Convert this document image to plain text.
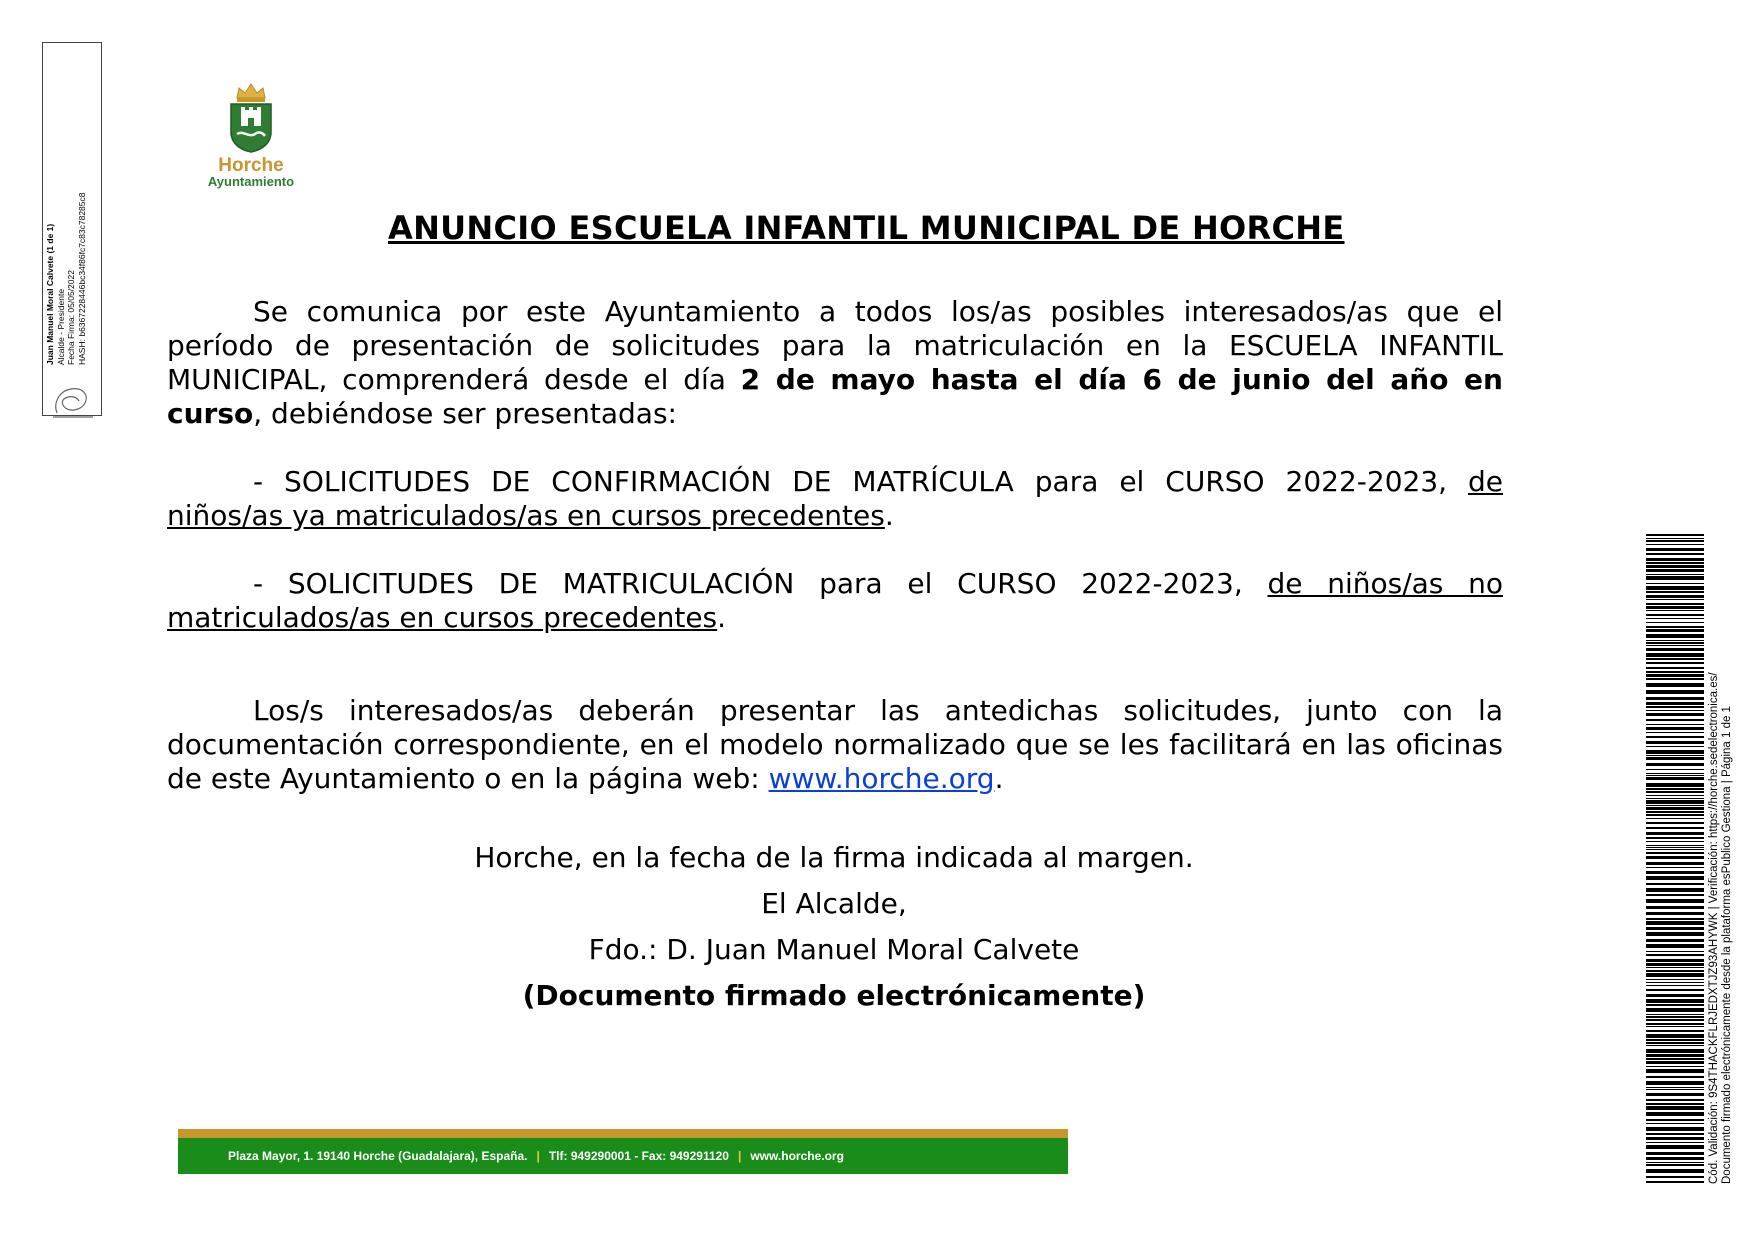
Juan Manuel Moral Calvete (1 de 1) Alcalde - Presidente Fecha Firma: 05/05/2022 HASH: b6367228446bc34f86fc7c83c78285c8
Horche
Ayuntamiento
ANUNCIO ESCUELA INFANTIL MUNICIPAL DE HORCHE
Se comunica por este Ayuntamiento a todos los/as posibles interesados/as que el período de presentación de solicitudes para la matriculación en la ESCUELA INFANTIL MUNICIPAL, comprenderá desde el día 2 de mayo hasta el día 6 de junio del año en curso, debiéndose ser presentadas:
- SOLICITUDES DE CONFIRMACIÓN DE MATRÍCULA para el CURSO 2022-2023, de niños/as ya matriculados/as en cursos precedentes.
- SOLICITUDES DE MATRICULACIÓN para el CURSO 2022-2023, de niños/as no matriculados/as en cursos precedentes.
Los/s interesados/as deberán presentar las antedichas solicitudes, junto con la documentación correspondiente, en el modelo normalizado que se les facilitará en las oficinas de este Ayuntamiento o en la página web: www.horche.org.
Horche, en la fecha de la firma indicada al margen.
El Alcalde,
Fdo.: D. Juan Manuel Moral Calvete
(Documento firmado electrónicamente)
Plaza Mayor, 1. 19140 Horche (Guadalajara), España. | Tlf: 949290001 - Fax: 949291120 | www.horche.org	Cód. Validación: 9S4THACKFLRJEDXTJZ93AHYWK | Verificación: https://horche.sedelectronica.es/ Documento firmado electrónicamente desde la plataforma esPublico Gestiona | Página 1 de 1
